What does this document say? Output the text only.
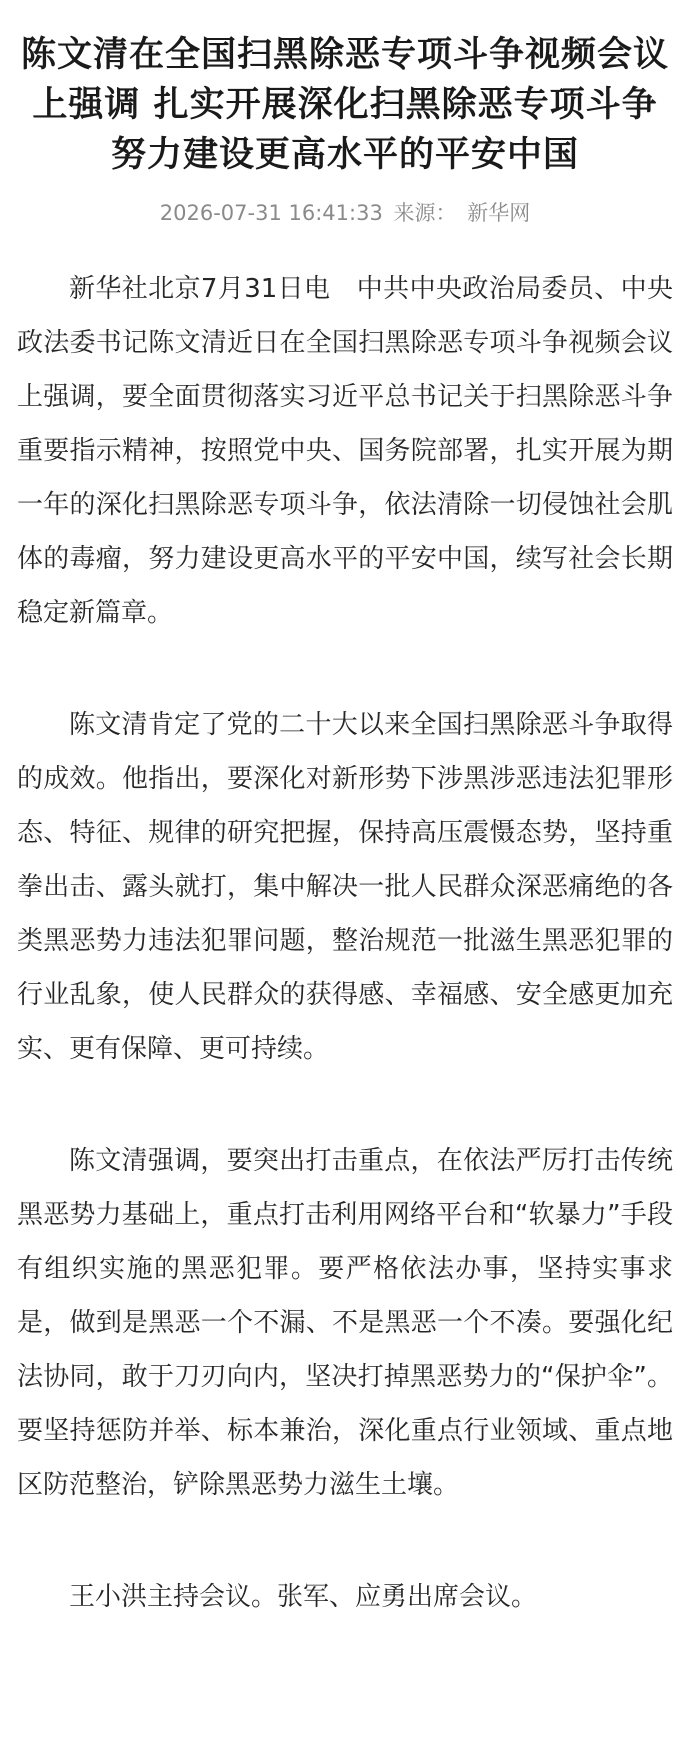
陈文清在全国扫黑除恶专项斗争视频会议上强调 扎实开展深化扫黑除恶专项斗争 努力建设更高水平的平安中国
2026-07-31 16:41:33 来源： 新华网

新华社北京7月31日电　中共中央政治局委员、中央政法委书记陈文清近日在全国扫黑除恶专项斗争视频会议上强调，要全面贯彻落实习近平总书记关于扫黑除恶斗争重要指示精神，按照党中央、国务院部署，扎实开展为期一年的深化扫黑除恶专项斗争，依法清除一切侵蚀社会肌体的毒瘤，努力建设更高水平的平安中国，续写社会长期稳定新篇章。

陈文清肯定了党的二十大以来全国扫黑除恶斗争取得的成效。他指出，要深化对新形势下涉黑涉恶违法犯罪形态、特征、规律的研究把握，保持高压震慑态势，坚持重拳出击、露头就打，集中解决一批人民群众深恶痛绝的各类黑恶势力违法犯罪问题，整治规范一批滋生黑恶犯罪的行业乱象，使人民群众的获得感、幸福感、安全感更加充实、更有保障、更可持续。

陈文清强调，要突出打击重点，在依法严厉打击传统黑恶势力基础上，重点打击利用网络平台和“软暴力”手段有组织实施的黑恶犯罪。要严格依法办事，坚持实事求是，做到是黑恶一个不漏、不是黑恶一个不凑。要强化纪法协同，敢于刀刃向内，坚决打掉黑恶势力的“保护伞”。要坚持惩防并举、标本兼治，深化重点行业领域、重点地区防范整治，铲除黑恶势力滋生土壤。

王小洪主持会议。张军、应勇出席会议。
